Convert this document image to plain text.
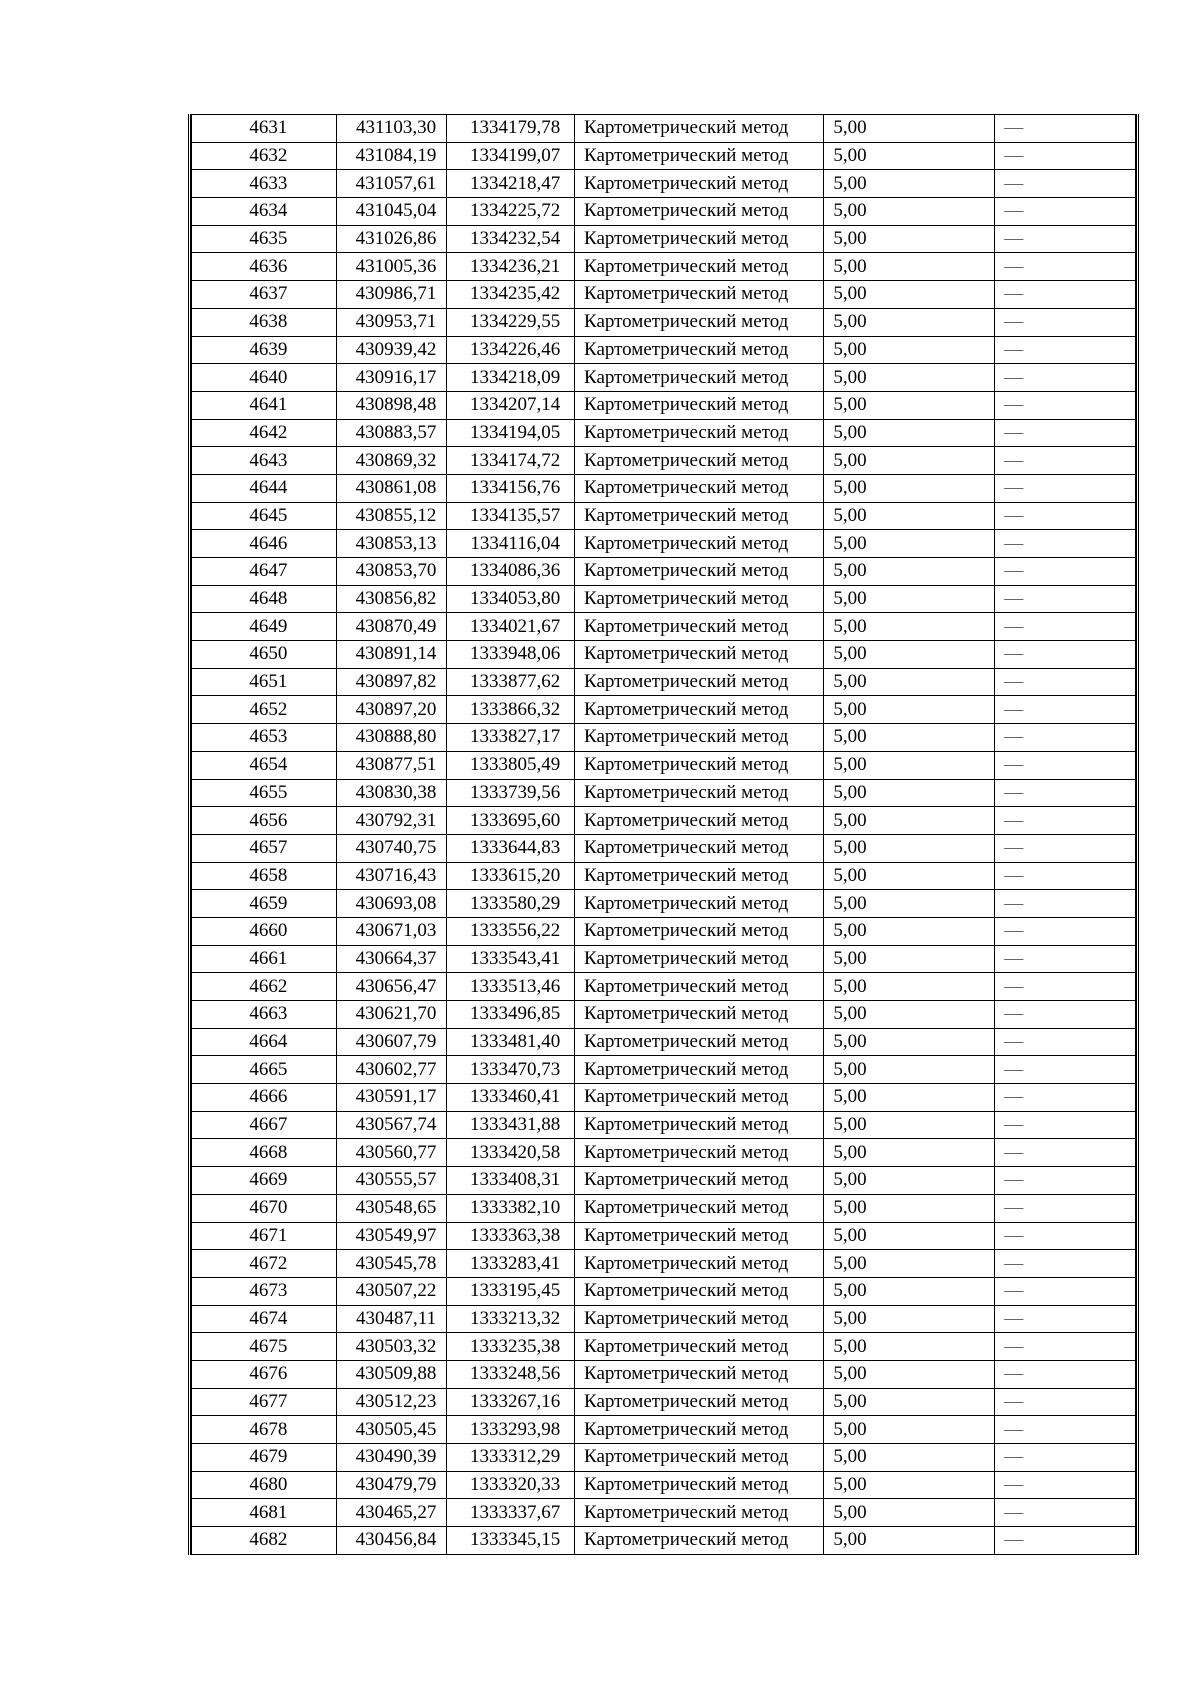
4631	431103,30	1334179,78	Картометрический метод	5,00	—
4632	431084,19	1334199,07	Картометрический метод	5,00	—
4633	431057,61	1334218,47	Картометрический метод	5,00	—
4634	431045,04	1334225,72	Картометрический метод	5,00	—
4635	431026,86	1334232,54	Картометрический метод	5,00	—
4636	431005,36	1334236,21	Картометрический метод	5,00	—
4637	430986,71	1334235,42	Картометрический метод	5,00	—
4638	430953,71	1334229,55	Картометрический метод	5,00	—
4639	430939,42	1334226,46	Картометрический метод	5,00	—
4640	430916,17	1334218,09	Картометрический метод	5,00	—
4641	430898,48	1334207,14	Картометрический метод	5,00	—
4642	430883,57	1334194,05	Картометрический метод	5,00	—
4643	430869,32	1334174,72	Картометрический метод	5,00	—
4644	430861,08	1334156,76	Картометрический метод	5,00	—
4645	430855,12	1334135,57	Картометрический метод	5,00	—
4646	430853,13	1334116,04	Картометрический метод	5,00	—
4647	430853,70	1334086,36	Картометрический метод	5,00	—
4648	430856,82	1334053,80	Картометрический метод	5,00	—
4649	430870,49	1334021,67	Картометрический метод	5,00	—
4650	430891,14	1333948,06	Картометрический метод	5,00	—
4651	430897,82	1333877,62	Картометрический метод	5,00	—
4652	430897,20	1333866,32	Картометрический метод	5,00	—
4653	430888,80	1333827,17	Картометрический метод	5,00	—
4654	430877,51	1333805,49	Картометрический метод	5,00	—
4655	430830,38	1333739,56	Картометрический метод	5,00	—
4656	430792,31	1333695,60	Картометрический метод	5,00	—
4657	430740,75	1333644,83	Картометрический метод	5,00	—
4658	430716,43	1333615,20	Картометрический метод	5,00	—
4659	430693,08	1333580,29	Картометрический метод	5,00	—
4660	430671,03	1333556,22	Картометрический метод	5,00	—
4661	430664,37	1333543,41	Картометрический метод	5,00	—
4662	430656,47	1333513,46	Картометрический метод	5,00	—
4663	430621,70	1333496,85	Картометрический метод	5,00	—
4664	430607,79	1333481,40	Картометрический метод	5,00	—
4665	430602,77	1333470,73	Картометрический метод	5,00	—
4666	430591,17	1333460,41	Картометрический метод	5,00	—
4667	430567,74	1333431,88	Картометрический метод	5,00	—
4668	430560,77	1333420,58	Картометрический метод	5,00	—
4669	430555,57	1333408,31	Картометрический метод	5,00	—
4670	430548,65	1333382,10	Картометрический метод	5,00	—
4671	430549,97	1333363,38	Картометрический метод	5,00	—
4672	430545,78	1333283,41	Картометрический метод	5,00	—
4673	430507,22	1333195,45	Картометрический метод	5,00	—
4674	430487,11	1333213,32	Картометрический метод	5,00	—
4675	430503,32	1333235,38	Картометрический метод	5,00	—
4676	430509,88	1333248,56	Картометрический метод	5,00	—
4677	430512,23	1333267,16	Картометрический метод	5,00	—
4678	430505,45	1333293,98	Картометрический метод	5,00	—
4679	430490,39	1333312,29	Картометрический метод	5,00	—
4680	430479,79	1333320,33	Картометрический метод	5,00	—
4681	430465,27	1333337,67	Картометрический метод	5,00	—
4682	430456,84	1333345,15	Картометрический метод	5,00	—
